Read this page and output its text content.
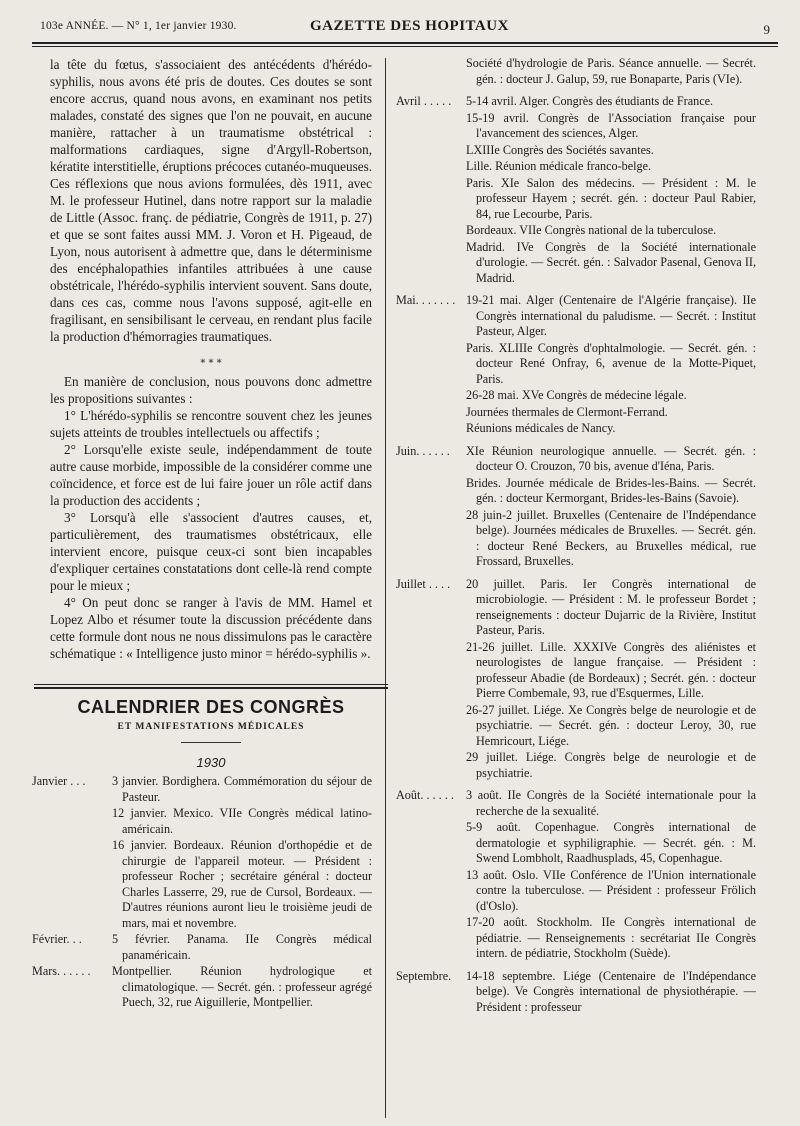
103e ANNÉE. — N° 1, 1er janvier 1930.	GAZETTE DES HOPITAUX	9

la tête du fœtus, s'associaient des antécédents d'hérédo-syphilis, nous avons été pris de doutes. Ces doutes se sont encore accrus, quand nous avons, en examinant nos petits malades, constaté des signes que l'on ne pouvait, en aucune manière, rattacher à un traumatisme obstétrical : malformations cardiaques, signe d'Argyll-Robertson, kératite interstitielle, éruptions précoces cutanéo-muqueuses. Ces réflexions que nous avions formulées, dès 1911, avec M. le professeur Hutinel, dans notre rapport sur la maladie de Little (Assoc. franç. de pédiatrie, Congrès de 1911, p. 27) et que se sont faites aussi MM. J. Voron et H. Pigeaud, de Lyon, nous autorisent à admettre que, dans le déterminisme des encéphalopathies infantiles attribuées à une cause obstétricale, l'hérédo-syphilis intervient souvent. Sans doute, dans ces cas, comme nous l'avons supposé, agit-elle en fragilisant, en sensibilisant le cerveau, en rendant plus facile la production d'hémorragies traumatiques.

* * *

En manière de conclusion, nous pouvons donc admettre les propositions suivantes :

1° L'hérédo-syphilis se rencontre souvent chez les jeunes sujets atteints de troubles intellectuels ou affectifs ;

2° Lorsqu'elle existe seule, indépendamment de toute autre cause morbide, impossible de la considérer comme une coïncidence, et force est de lui faire jouer un rôle actif dans la production des accidents ;

3° Lorsqu'à elle s'associent d'autres causes, et, particulièrement, des traumatismes obstétricaux, elle intervient encore, puisque ceux-ci sont bien incapables d'expliquer certaines constatations dont celle-là rend compte pour le mieux ;

4° On peut donc se ranger à l'avis de MM. Hamel et Lopez Albo et résumer toute la discussion précédente dans cette formule dont nous ne nous dissimulons pas le caractère schématique : « Intelligence justo minor = hérédo-syphilis ».

CALENDRIER DES CONGRÈS
ET MANIFESTATIONS MÉDICALES
1930
Janvier . . .	3 janvier. Bordighera. Commémoration du séjour de Pasteur.
12 janvier. Mexico. VIIe Congrès médical latino-américain.
16 janvier. Bordeaux. Réunion d'orthopédie et de chirurgie de l'appareil moteur. — Président : professeur Rocher ; secrétaire général : docteur Charles Lasserre, 29, rue de Cursol, Bordeaux. — D'autres réunions auront lieu le troisième jeudi de mars, mai et novembre.
Février. . .	5 février. Panama. IIe Congrès médical panaméricain.
Mars. . . . . .	Montpellier. Réunion hydrologique et climatologique. — Secrét. gén. : professeur agrégé Puech, 32, rue Aiguillerie, Montpellier.
Société d'hydrologie de Paris. Séance annuelle. — Secrét. gén. : docteur J. Galup, 59, rue Bonaparte, Paris (VIe).
Avril . . . . .	5-14 avril. Alger. Congrès des étudiants de France.
15-19 avril. Congrès de l'Association française pour l'avancement des sciences, Alger.
LXIIIe Congrès des Sociétés savantes.
Lille. Réunion médicale franco-belge.
Paris. XIe Salon des médecins. — Président : M. le professeur Hayem ; secrét. gén. : docteur Paul Rabier, 84, rue Lecourbe, Paris.
Bordeaux. VIIe Congrès national de la tuberculose.
Madrid. IVe Congrès de la Société internationale d'urologie. — Secrét. gén. : Salvador Pasenal, Genova II, Madrid.
Mai. . . . . . . 19-21 mai. Alger (Centenaire de l'Algérie française). IIe Congrès international du paludisme. — Secrét. : Institut Pasteur, Alger.
Paris. XLIIIe Congrès d'ophtalmologie. — Secrét. gén. : docteur René Onfray, 6, avenue de la Motte-Piquet, Paris.
26-28 mai. XVe Congrès de médecine légale.
Journées thermales de Clermont-Ferrand.
Réunions médicales de Nancy.
Juin. . . . . .	XIe Réunion neurologique annuelle. — Secrét. gén. : docteur O. Crouzon, 70 bis, avenue d'Iéna, Paris.
Brides. Journée médicale de Brides-les-Bains. — Secrét. gén. : docteur Kermorgant, Brides-les-Bains (Savoie).
28 juin-2 juillet. Bruxelles (Centenaire de l'Indépendance belge). Journées médicales de Bruxelles. — Secrét. gén. : docteur René Beckers, au Bruxelles médical, rue Frossard, Bruxelles.
Juillet . . . .	20 juillet. Paris. Ier Congrès international de microbiologie. — Président : M. le professeur Bordet ; renseignements : docteur Dujarric de la Rivière, Institut Pasteur, Paris.
21-26 juillet. Lille. XXXIVe Congrès des aliénistes et neurologistes de langue française. — Président : professeur Abadie (de Bordeaux) ; Secrét. gén. : docteur Pierre Combemale, 93, rue d'Esquermes, Lille.
26-27 juillet. Liége. Xe Congrès belge de neurologie et de psychiatrie. — Secrét. gén. : docteur Leroy, 30, rue Hemricourt, Liége.
29 juillet. Liége. Congrès belge de neurologie et de psychiatrie.
Août. . . . . . 3 août. IIe Congrès de la Société internationale pour la recherche de la sexualité.
5-9 août. Copenhague. Congrès international de dermatologie et syphiligraphie. — Secrét. gén. : M. Swend Lombholt, Raadhusplads, 45, Copenhague.
13 août. Oslo. VIIe Conférence de l'Union internationale contre la tuberculose. — Président : professeur Frölich (d'Oslo).
17-20 août. Stockholm. IIe Congrès international de pédiatrie. — Renseignements : secrétariat IIe Congrès intern. de pédiatrie, Stockholm (Suède).
Septembre.	14-18 septembre. Liége (Centenaire de l'Indépendance belge). Ve Congrès international de physiothérapie. — Président : professeur
